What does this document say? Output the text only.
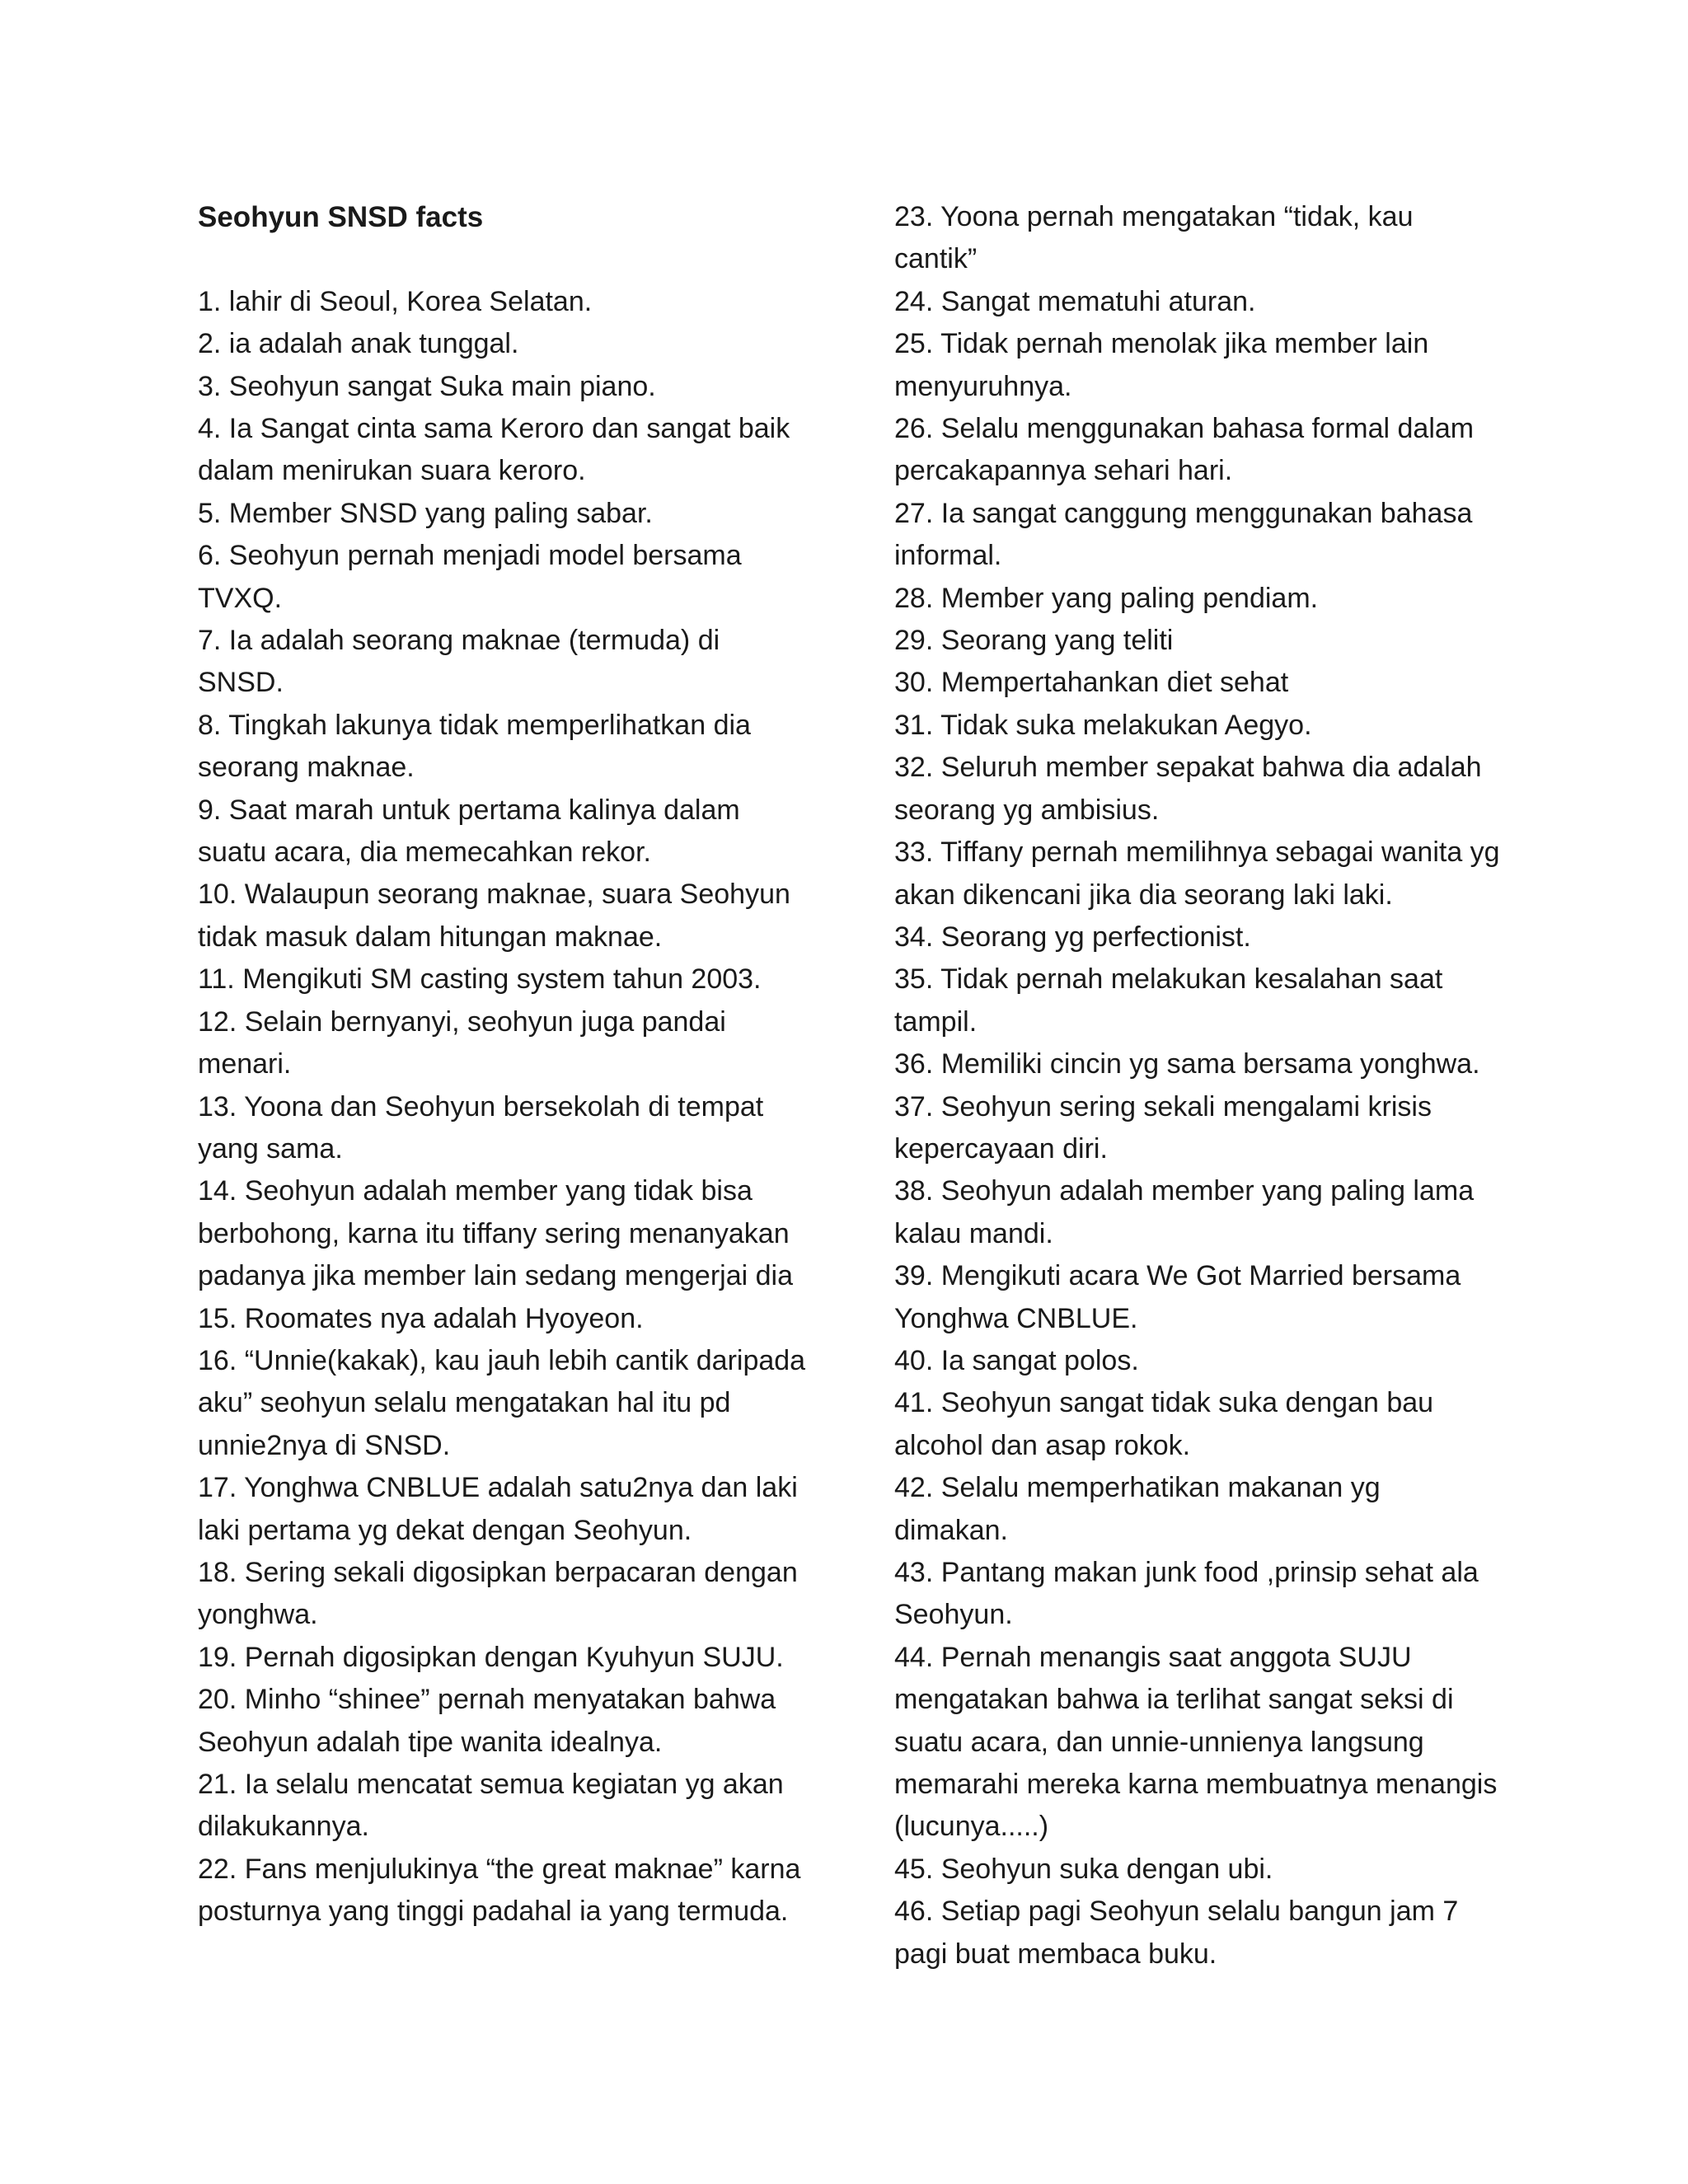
Seohyun SNSD facts
1. lahir di Seoul, Korea Selatan.
2. ia adalah anak tunggal.
3. Seohyun sangat Suka main piano.
4. Ia Sangat cinta sama Keroro dan sangat baik dalam menirukan suara keroro.
5. Member SNSD yang paling sabar.
6. Seohyun pernah menjadi model bersama TVXQ.
7. Ia adalah seorang maknae (termuda) di SNSD.
8. Tingkah lakunya tidak memperlihatkan dia seorang maknae.
9. Saat marah untuk pertama kalinya dalam suatu acara, dia memecahkan rekor.
10. Walaupun seorang maknae, suara Seohyun tidak masuk dalam hitungan maknae.
11. Mengikuti SM casting system tahun 2003.
12. Selain bernyanyi, seohyun juga pandai menari.
13. Yoona dan Seohyun bersekolah di tempat yang sama.
14. Seohyun adalah member yang tidak bisa berbohong, karna itu tiffany sering menanyakan padanya jika member lain sedang mengerjai dia
15. Roomates nya adalah Hyoyeon.
16. “Unnie(kakak), kau jauh lebih cantik daripada aku” seohyun selalu mengatakan hal itu pd unnie2nya di SNSD.
17. Yonghwa CNBLUE adalah satu2nya dan laki laki pertama yg dekat dengan Seohyun.
18. Sering sekali digosipkan berpacaran dengan yonghwa.
19. Pernah digosipkan dengan Kyuhyun SUJU.
20. Minho “shinee” pernah menyatakan bahwa Seohyun adalah tipe wanita idealnya.
21. Ia selalu mencatat semua kegiatan yg akan dilakukannya.
22. Fans menjulukinya “the great maknae” karna posturnya yang tinggi padahal ia yang termuda.
23. Yoona pernah mengatakan “tidak, kau cantik”
24. Sangat mematuhi aturan.
25. Tidak pernah menolak jika member lain menyuruhnya.
26. Selalu menggunakan bahasa formal dalam percakapannya sehari hari.
27. Ia sangat canggung menggunakan bahasa informal.
28. Member yang paling pendiam.
29. Seorang yang teliti
30. Mempertahankan diet sehat
31. Tidak suka melakukan Aegyo.
32. Seluruh member sepakat bahwa dia adalah seorang yg ambisius.
33. Tiffany pernah memilihnya sebagai wanita yg akan dikencani jika dia seorang laki laki.
34. Seorang yg perfectionist.
35. Tidak pernah melakukan kesalahan saat tampil.
36. Memiliki cincin yg sama bersama yonghwa.
37. Seohyun sering sekali mengalami krisis kepercayaan diri.
38. Seohyun adalah member yang paling lama kalau mandi.
39. Mengikuti acara We Got Married bersama Yonghwa CNBLUE.
40. Ia sangat polos.
41. Seohyun sangat tidak suka dengan bau alcohol dan asap rokok.
42. Selalu memperhatikan makanan yg dimakan.
43. Pantang makan junk food ,prinsip sehat ala Seohyun.
44. Pernah menangis saat anggota SUJU mengatakan bahwa ia terlihat sangat seksi di suatu acara, dan unnie-unnienya langsung memarahi mereka karna membuatnya menangis (lucunya.....)
45. Seohyun suka dengan ubi.
46. Setiap pagi Seohyun selalu bangun jam 7 pagi buat membaca buku.
